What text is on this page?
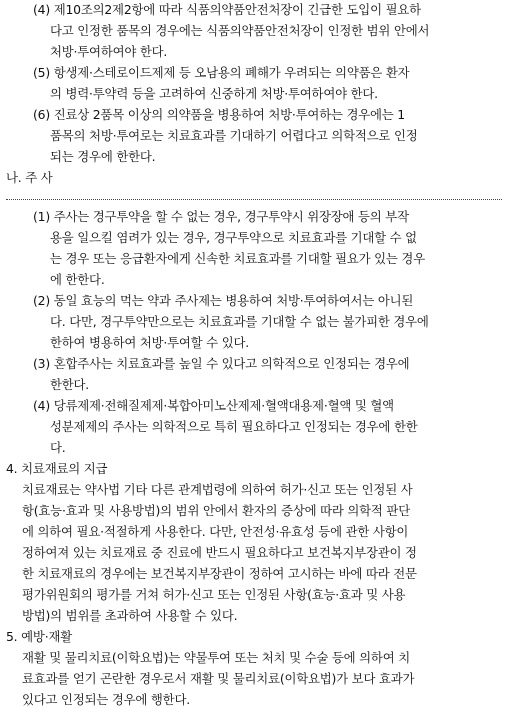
(4) 제10조의2제2항에 따라 식품의약품안전처장이 긴급한 도입이 필요하
다고 인정한 품목의 경우에는 식품의약품안전처장이 인정한 범위 안에서
처방·투여하여야 한다.
(5) 항생제·스테로이드제제 등 오남용의 폐해가 우려되는 의약품은 환자
의 병력·투약력 등을 고려하여 신중하게 처방·투여하여야 한다.
(6) 진료상 2품목 이상의 의약품을 병용하여 처방·투여하는 경우에는 1
품목의 처방·투여로는 치료효과를 기대하기 어렵다고 의학적으로 인정
되는 경우에 한한다.
나. 주 사
(1) 주사는 경구투약을 할 수 없는 경우, 경구투약시 위장장애 등의 부작
용을 일으킬 염려가 있는 경우, 경구투약으로 치료효과를 기대할 수 없
는 경우 또는 응급환자에게 신속한 치료효과를 기대할 필요가 있는 경우
에 한한다.
(2) 동일 효능의 먹는 약과 주사제는 병용하여 처방·투여하여서는 아니된
다. 다만, 경구투약만으로는 치료효과를 기대할 수 없는 불가피한 경우에
한하여 병용하여 처방·투여할 수 있다.
(3) 혼합주사는 치료효과를 높일 수 있다고 의학적으로 인정되는 경우에
한한다.
(4) 당류제제·전해질제제·복합아미노산제제·혈액대용제·혈액 및 혈액
성분제제의 주사는 의학적으로 특히 필요하다고 인정되는 경우에 한한
다.
4. 치료재료의 지급
치료재료는 약사법 기타 다른 관계법령에 의하여 허가·신고 또는 인정된 사
항(효능·효과 및 사용방법)의 범위 안에서 환자의 증상에 따라 의학적 판단
에 의하여 필요·적절하게 사용한다. 다만, 안전성·유효성 등에 관한 사항이
정하여져 있는 치료재료 중 진료에 반드시 필요하다고 보건복지부장관이 정
한 치료재료의 경우에는 보건복지부장관이 정하여 고시하는 바에 따라 전문
평가위원회의 평가를 거쳐 허가·신고 또는 인정된 사항(효능·효과 및 사용
방법)의 범위를 초과하여 사용할 수 있다.
5. 예방·재활
재활 및 물리치료(이학요법)는 약물투여 또는 처치 및 수술 등에 의하여 치
료효과를 얻기 곤란한 경우로서 재활 및 물리치료(이학요법)가 보다 효과가
있다고 인정되는 경우에 행한다.
